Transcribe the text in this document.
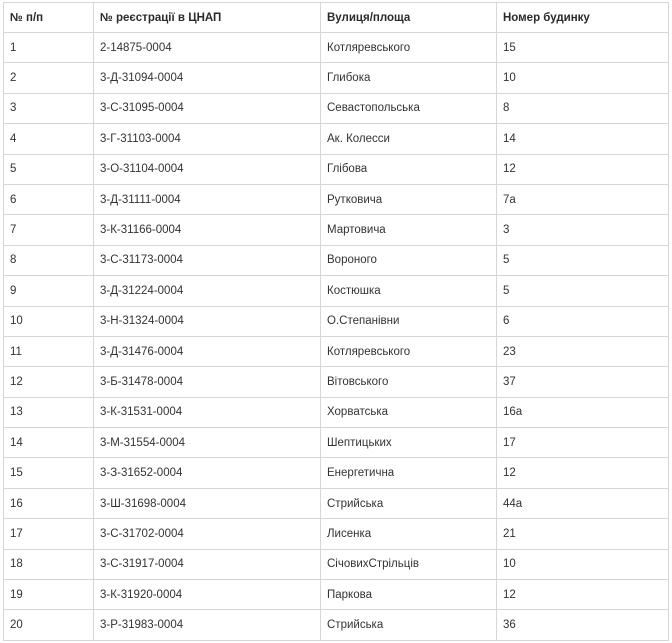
№ п/п	№ реєстрації в ЦНАП	Вулиця/площа	Номер будинку
1	2-14875-0004	Котляревського	15
2	3-Д-31094-0004	Глибока	10
3	3-С-31095-0004	Севастопольська	8
4	3-Г-31103-0004	Ак. Колесси	14
5	3-О-31104-0004	Глібова	12
6	3-Д-31111-0004	Рутковича	7а
7	3-К-31166-0004	Мартовича	3
8	3-С-31173-0004	Вороного	5
9	3-Д-31224-0004	Костюшка	5
10	3-Н-31324-0004	О.Степанівни	6
11	3-Д-31476-0004	Котляревського	23
12	3-Б-31478-0004	Вітовського	37
13	3-К-31531-0004	Хорватська	16а
14	3-М-31554-0004	Шептицьких	17
15	3-З-31652-0004	Енергетична	12
16	3-Ш-31698-0004	Стрийська	44а
17	3-С-31702-0004	Лисенка	21
18	3-С-31917-0004	СічовихСтрільців	10
19	3-К-31920-0004	Паркова	12
20	3-Р-31983-0004	Стрийська	36
